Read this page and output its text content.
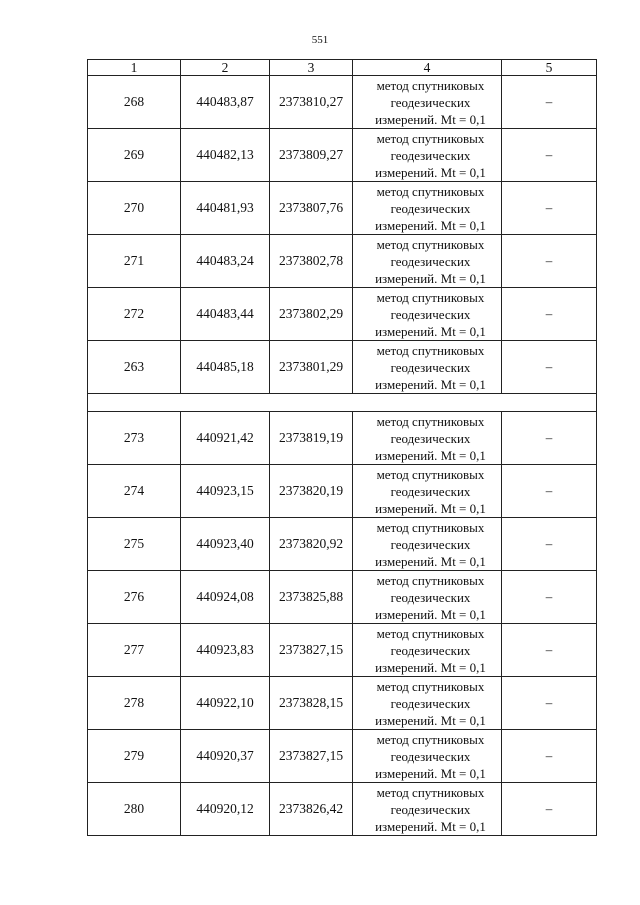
551
1	2	3	4	5
268	440483,87	2373810,27	метод спутниковых
геодезических
измерений. Mt = 0,1	–
269	440482,13	2373809,27	метод спутниковых
геодезических
измерений. Mt = 0,1	–
270	440481,93	2373807,76	метод спутниковых
геодезических
измерений. Mt = 0,1	–
271	440483,24	2373802,78	метод спутниковых
геодезических
измерений. Mt = 0,1	–
272	440483,44	2373802,29	метод спутниковых
геодезических
измерений. Mt = 0,1	–
263	440485,18	2373801,29	метод спутниковых
геодезических
измерений. Mt = 0,1	–

273	440921,42	2373819,19	метод спутниковых
геодезических
измерений. Mt = 0,1	–
274	440923,15	2373820,19	метод спутниковых
геодезических
измерений. Mt = 0,1	–
275	440923,40	2373820,92	метод спутниковых
геодезических
измерений. Mt = 0,1	–
276	440924,08	2373825,88	метод спутниковых
геодезических
измерений. Mt = 0,1	–
277	440923,83	2373827,15	метод спутниковых
геодезических
измерений. Mt = 0,1	–
278	440922,10	2373828,15	метод спутниковых
геодезических
измерений. Mt = 0,1	–
279	440920,37	2373827,15	метод спутниковых
геодезических
измерений. Mt = 0,1	–
280	440920,12	2373826,42	метод спутниковых
геодезических
измерений. Mt = 0,1	–
